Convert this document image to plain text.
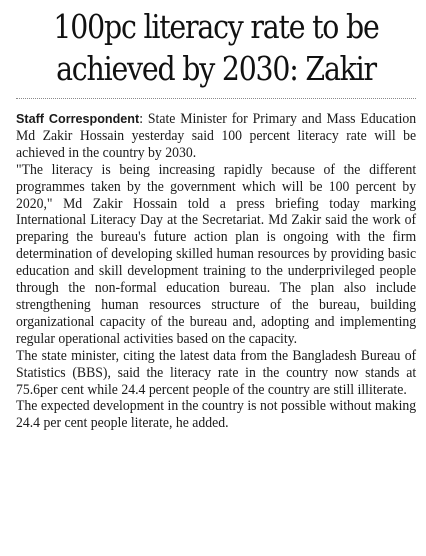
100pc literacy rate to be
achieved by 2030: Zakir

Staff Correspondent: State Minister for Primary and Mass Education Md Zakir Hossain yesterday said 100 percent literacy rate will be achieved in the country by 2030.

"The literacy is being increasing rapidly because of the different programmes taken by the government which will be 100 percent by 2020," Md Zakir Hossain told a press briefing today marking International Literacy Day at the Secretariat. Md Zakir said the work of preparing the bureau's future action plan is ongoing with the firm determination of developing skilled human resources by providing basic education and skill development training to the underprivileged people through the non-formal education bureau. The plan also include strengthening human resources structure of the bureau, building organizational capacity of the bureau and, adopting and implementing regular operational activities based on the capacity.

The state minister, citing the latest data from the Bangladesh Bureau of Statistics (BBS), said the literacy rate in the country now stands at 75.6per cent while 24.4 percent people of the country are still illiterate.

The expected development in the country is not possible without making 24.4 per cent people literate, he added.
